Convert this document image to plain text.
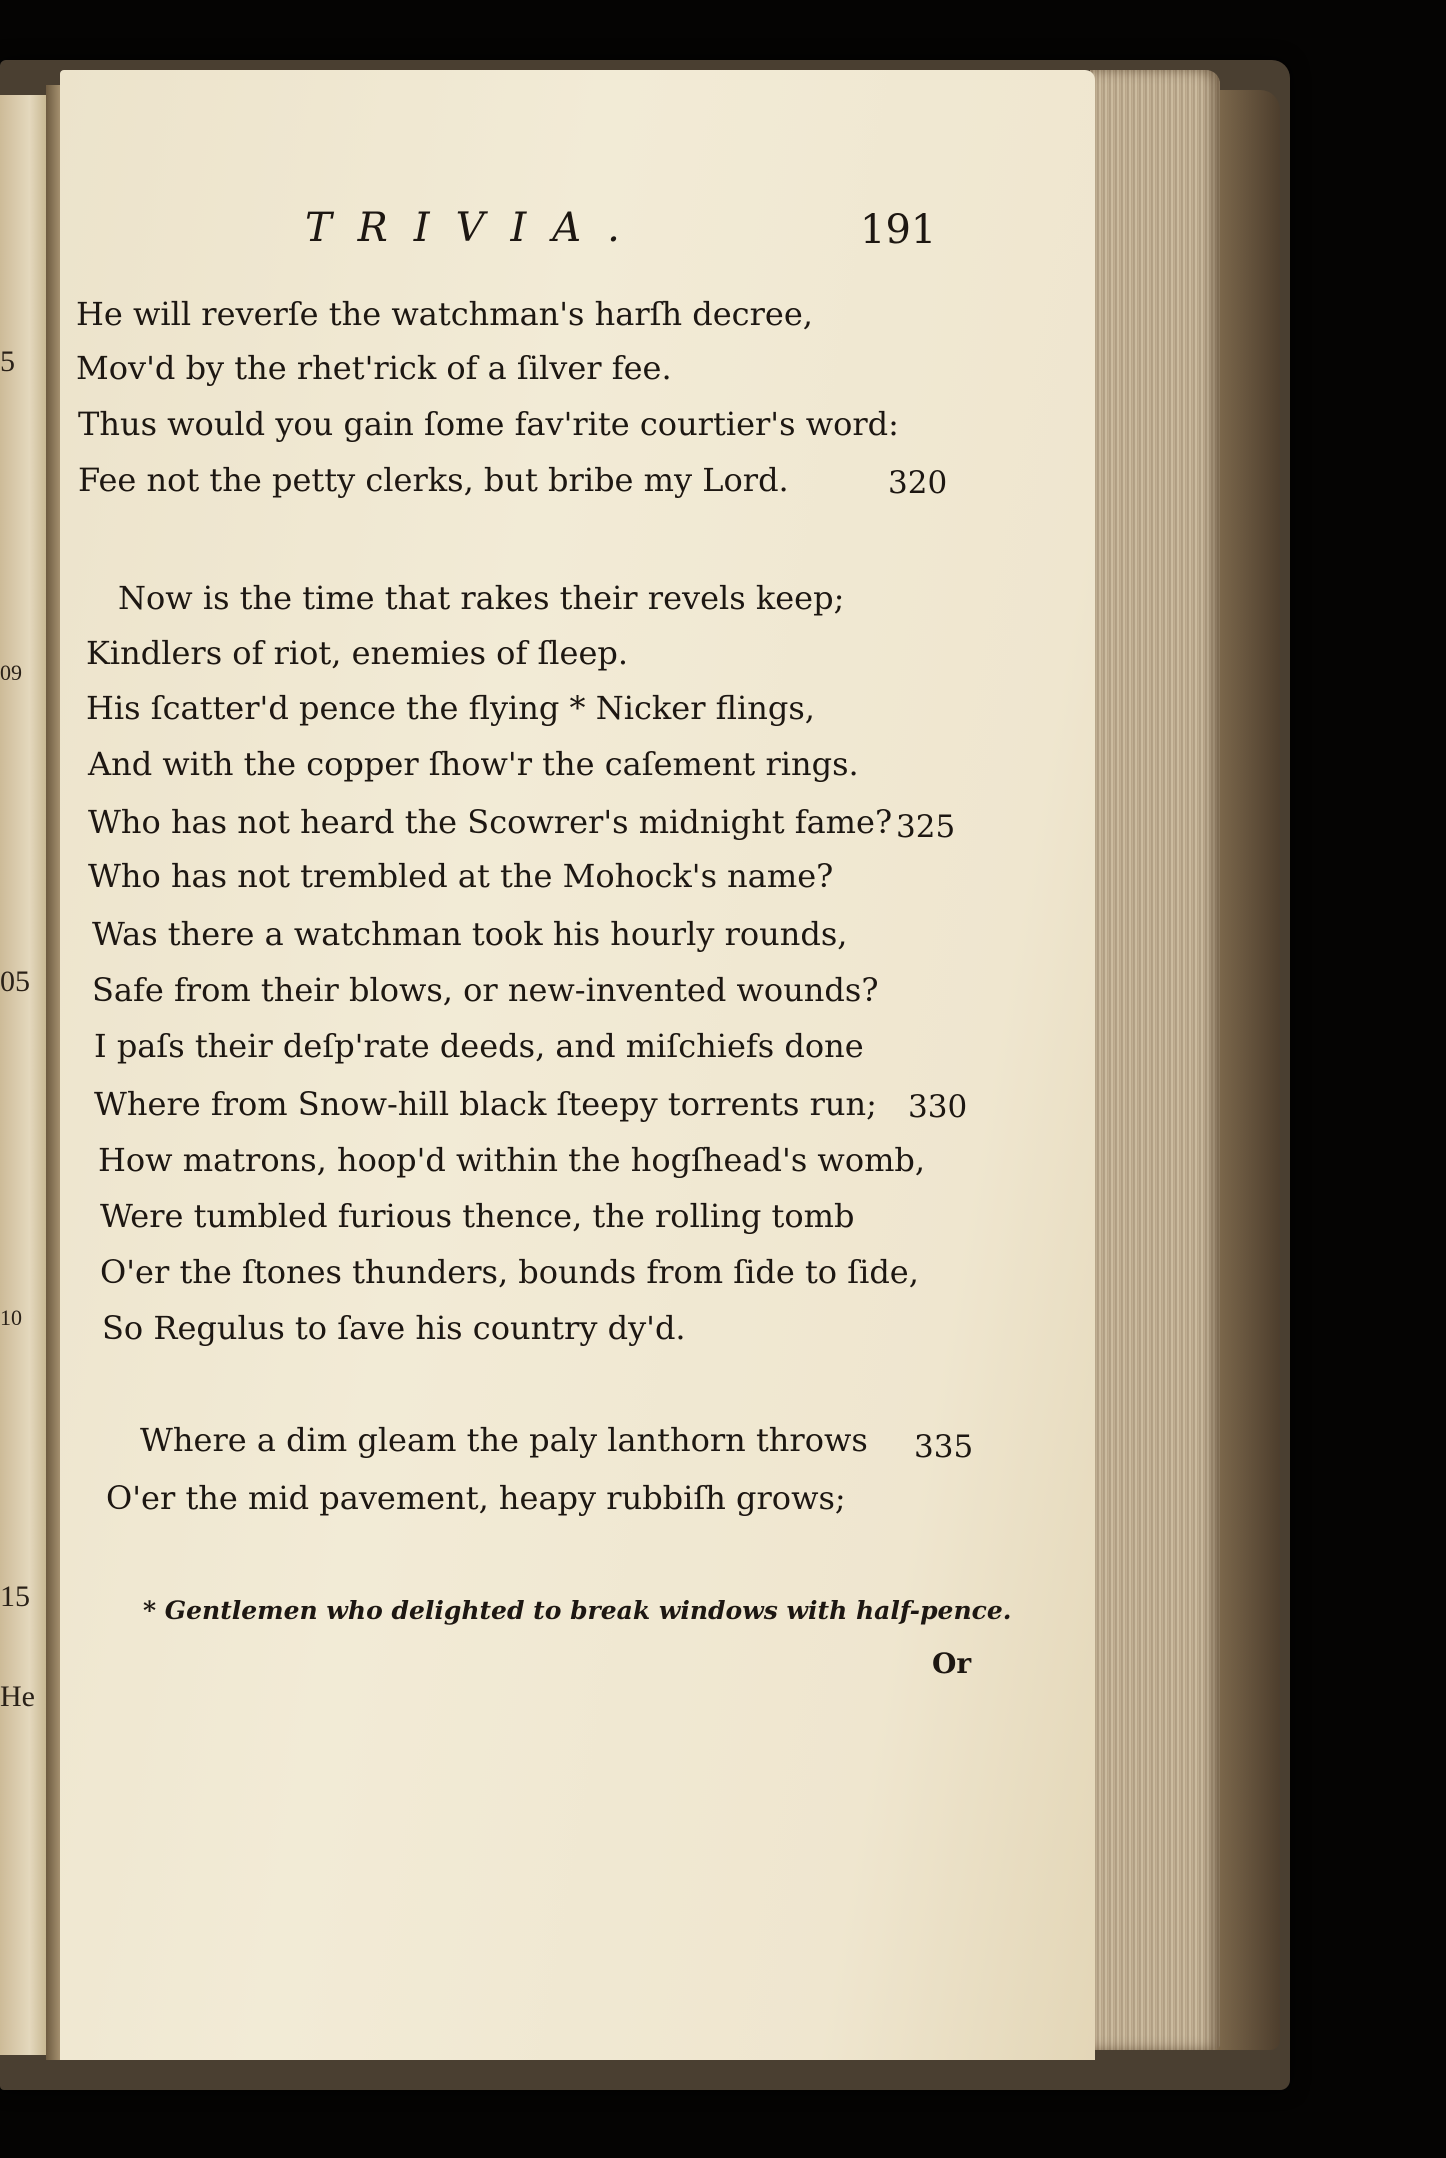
5
09
05
10
15
He
TRIVIA.	191
He will reverſe the watchman's harſh decree,
Mov'd by the rhet'rick of a ſilver fee.
Thus would you gain ſome fav'rite courtier's word:
Fee not the petty clerks, but bribe my Lord.	320
Now is the time that rakes their revels keep;
Kindlers of riot, enemies of ſleep.
His ſcatter'd pence the flying * Nicker flings,
And with the copper ſhow'r the caſement rings.
Who has not heard the Scowrer's midnight fame? 325
Who has not trembled at the Mohock's name?
Was there a watchman took his hourly rounds,
Safe from their blows, or new-invented wounds?
I paſs their deſp'rate deeds, and miſchiefs done
Where from Snow-hill black ſteepy torrents run; 330
How matrons, hoop'd within the hogſhead's womb,
Were tumbled furious thence, the rolling tomb
O'er the ſtones thunders, bounds from ſide to ſide,
So Regulus to ſave his country dy'd.
Where a dim gleam the paly lanthorn throws 335
O'er the mid pavement, heapy rubbiſh grows;
* Gentlemen who delighted to break windows with half-pence.
Or
